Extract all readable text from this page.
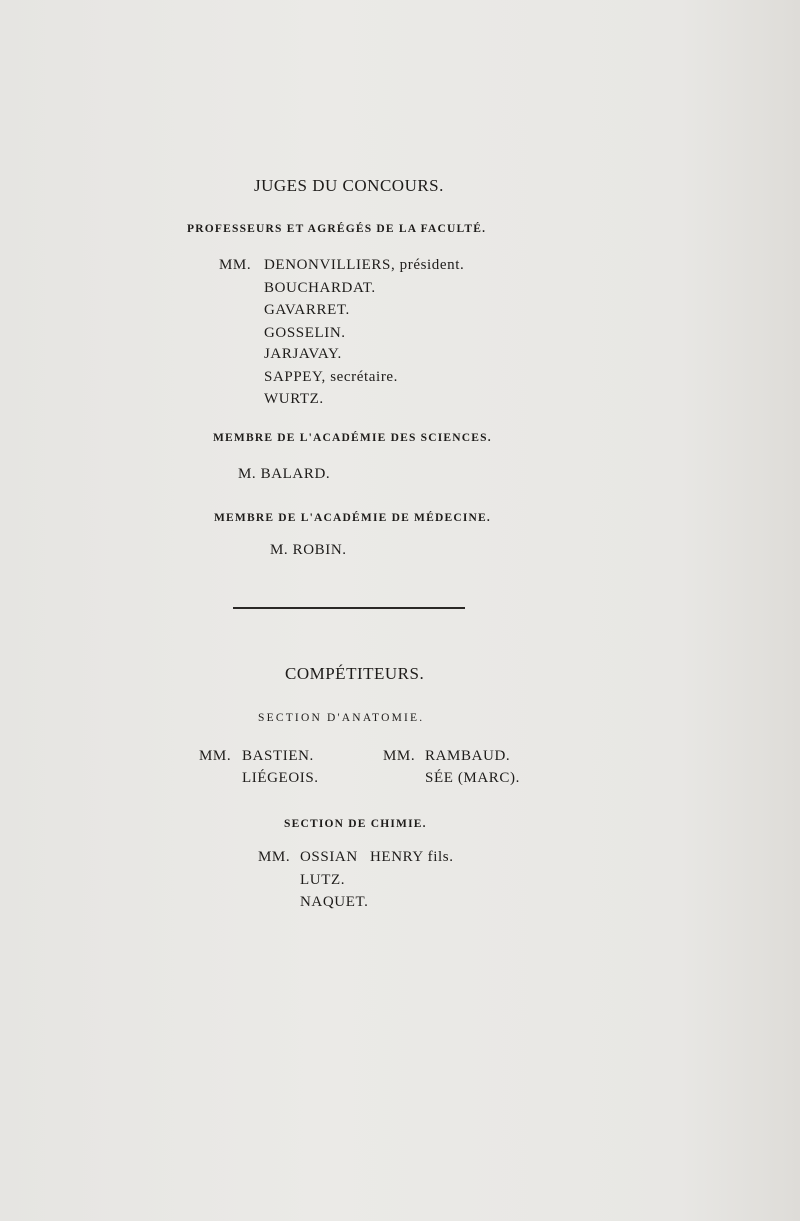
JUGES DU CONCOURS.
PROFESSEURS ET AGRÉGÉS DE LA FACULTÉ.
MM. DENONVILLIERS, président.
BOUCHARDAT.
GAVARRET.
GOSSELIN.
JARJAVAY.
SAPPEY, secrétaire.
WURTZ.
MEMBRE DE L'ACADÉMIE DES SCIENCES.
M. BALARD.
MEMBRE DE L'ACADÉMIE DE MÉDECINE.
M. ROBIN.
COMPÉTITEURS.
SECTION D'ANATOMIE.
MM. BASTIEN.
LIÉGEOIS.
MM. RAMBAUD.
SÉE (MARC).
SECTION DE CHIMIE.
MM. OSSIAN HENRY fils.
LUTZ.
NAQUET.
